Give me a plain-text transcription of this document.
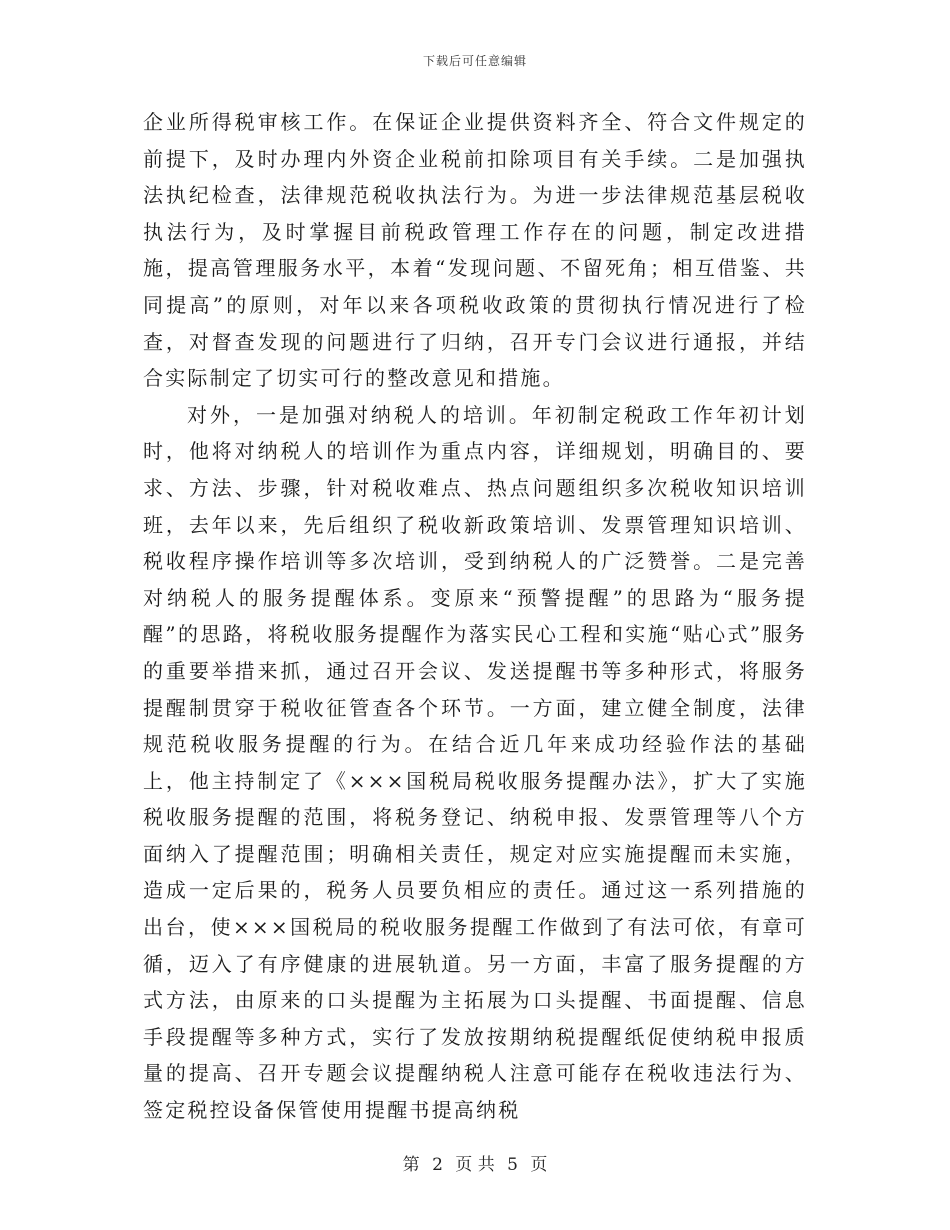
下载后可任意编辑

企业所得税审核工作。在保证企业提供资料齐全、符合文件规定的前提下，及时办理内外资企业税前扣除项目有关手续。二是加强执法执纪检查，法律规范税收执法行为。为进一步法律规范基层税收执法行为，及时掌握目前税政管理工作存在的问题，制定改进措施，提高管理服务水平，本着“发现问题、不留死角；相互借鉴、共同提高”的原则，对年以来各项税收政策的贯彻执行情况进行了检查，对督查发现的问题进行了归纳，召开专门会议进行通报，并结合实际制定了切实可行的整改意见和措施。

对外，一是加强对纳税人的培训。年初制定税政工作年初计划时，他将对纳税人的培训作为重点内容，详细规划，明确目的、要求、方法、步骤，针对税收难点、热点问题组织多次税收知识培训班，去年以来，先后组织了税收新政策培训、发票管理知识培训、税收程序操作培训等多次培训，受到纳税人的广泛赞誉。二是完善对纳税人的服务提醒体系。变原来“预警提醒”的思路为“服务提醒”的思路，将税收服务提醒作为落实民心工程和实施“贴心式”服务的重要举措来抓，通过召开会议、发送提醒书等多种形式，将服务提醒制贯穿于税收征管查各个环节。一方面，建立健全制度，法律规范税收服务提醒的行为。在结合近几年来成功经验作法的基础上，他主持制定了《×××国税局税收服务提醒办法》，扩大了实施税收服务提醒的范围，将税务登记、纳税申报、发票管理等八个方面纳入了提醒范围；明确相关责任，规定对应实施提醒而未实施，造成一定后果的，税务人员要负相应的责任。通过这一系列措施的出台，使×××国税局的税收服务提醒工作做到了有法可依，有章可循，迈入了有序健康的进展轨道。另一方面，丰富了服务提醒的方式方法，由原来的口头提醒为主拓展为口头提醒、书面提醒、信息手段提醒等多种方式，实行了发放按期纳税提醒纸促使纳税申报质量的提高、召开专题会议提醒纳税人注意可能存在税收违法行为、签定税控设备保管使用提醒书提高纳税

第 2 页 共 5 页
